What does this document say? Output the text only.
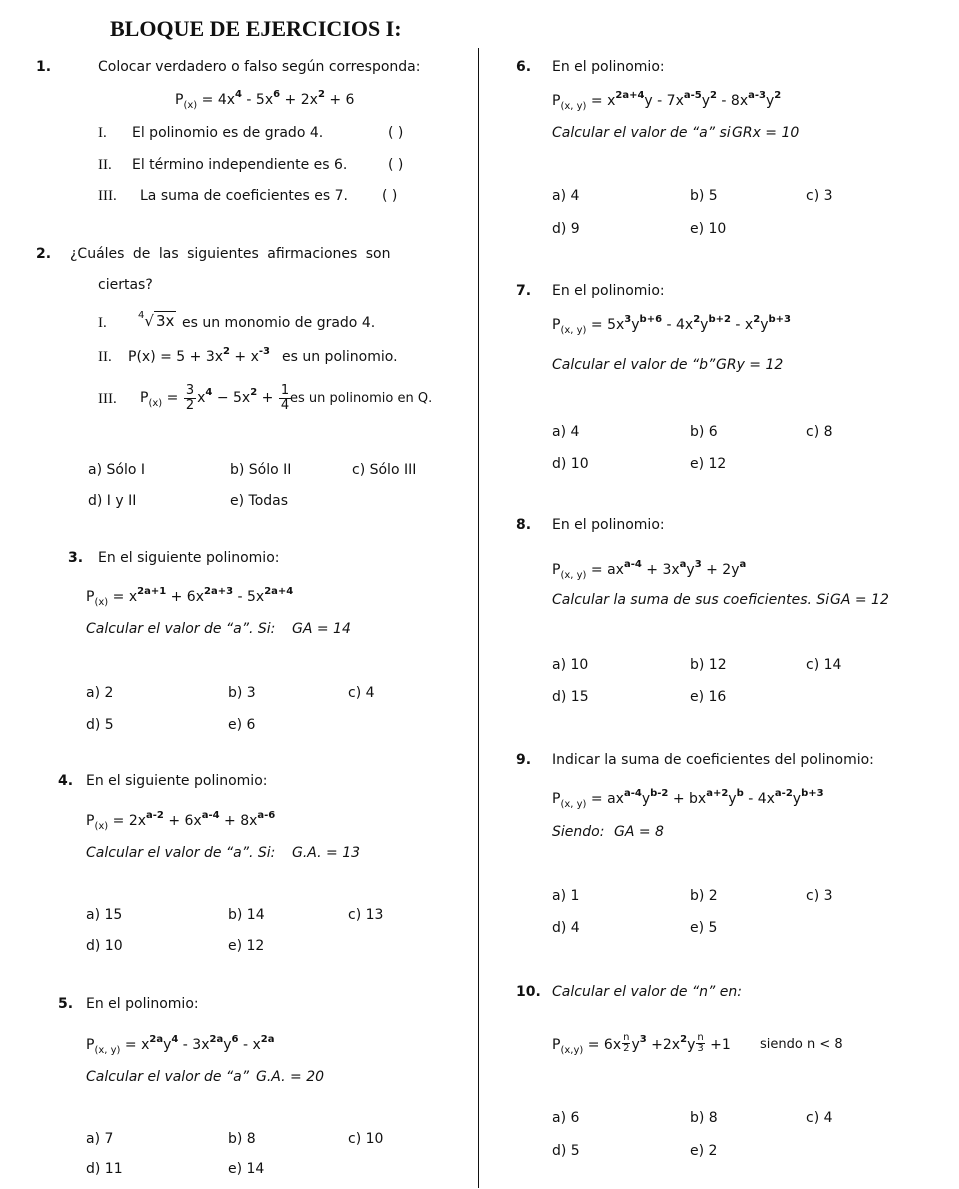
BLOQUE DE EJERCICIOS I:
1.	Colocar verdadero o falso según corresponda:
$P_{(x)} = 4x^4 - 5x^6 + 2x^2 + 6$
I. El polinomio es de grado 4.	( )
II. El término independiente es 6.	( )
III. La suma de coeficientes es 7. ( )
2. ¿Cuáles de las siguientes afirmaciones son
ciertas?
I.	$^4$√ 3x es un monomio de grado 4.
II. $P(x) = 5 + 3x^2 + x^{-3}$ es un polinomio.
III. $P_{(x)} = \frac{3}{2} x^4 - 5x^2 + \frac{1}{4}$
es un polinomio en Q.
a) Sólo I	b) Sólo II	c) Sólo III
d) I y II	e) Todas
3. En el siguiente polinomio:
$P_{(x)} = x^{2a+1} + 6x^{2a+3} - 5x^{2a+4}$
Calcular el valor de “a”. Si: GA = 14
a) 2	b) 3	c) 4
d) 5	e) 6
4. En el siguiente polinomio:
$P_{(x)} = 2x^{a-2} + 6x^{a-4} + 8x^{a-6}$
Calcular el valor de “a”. Si: G.A. = 13
a) 15	b) 14	c) 13
d) 10	e) 12
5. En el polinomio:
$P_{(x, y)} = x^{2a}y^4 - 3x^{2a}y^6 - x^{2a}$
Calcular el valor de “a” G.A. = 20
a) 7	b) 8	c) 10
d) 11	e) 14
6. En el polinomio:
$P_{(x, y)} = x^{2a+4}y - 7x^{a-5}y^2 - 8x^{a-3}y^2$
Calcular el valor de “a” si GRx = 10
a) 4	b) 5	c) 3
d) 9	e) 10
7. En el polinomio:
$P_{(x, y)} = 5x^3y^{b+6} - 4x^2y^{b+2} - x^2y^{b+3}$
Calcular el valor de “b” GRy = 12
a) 4	b) 6	c) 8
d) 10	e) 12
8. En el polinomio:
$P_{(x, y)} = ax^{a-4} + 3x^ay^3 + 2y^a$
Calcular la suma de sus coeficientes. Si GA = 12
a) 10	b) 12	c) 14
d) 15	e) 16
9. Indicar la suma de coeficientes del polinomio:
$P_{(x, y)} = ax^{a-4}y^{b-2} + bx^{a+2}y^b - 4x^{a-2}y^{b+3}$
Siendo: GA = 8
a) 1	b) 2	c) 3
d) 4	e) 5
10. Calcular el valor de “n” en:
$P_{(x,y)} = 6x \frac{n}{2} y^3 +2x^2y \frac{n}{3} +1$ siendo n < 8
a) 6	b) 8	c) 4
d) 5	e) 2
